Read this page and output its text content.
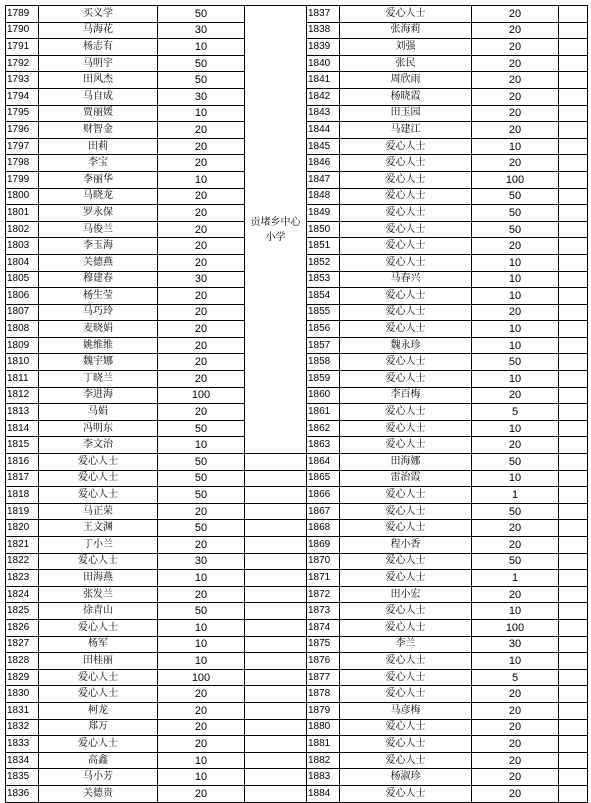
1789	买义学	50	贡堵乡中心小学	1837	爱心人士	20	
1790	马海花	30		1838	张海莉	20	
1791	杨志有	10		1839	刘强	20	
1792	马明宇	50		1840	张民	20	
1793	田风杰	50		1841	周欣雨	20	
1794	马自成	30		1842	杨晓霞	20	
1795	贾丽媛	10		1843	田玉园	20	
1796	财智金	20		1844	马建江	20	
1797	田莉	20		1845	爱心人士	10	
1798	李宝	20		1846	爱心人士	20	
1799	李丽华	10		1847	爱心人士	100	
1800	马晓龙	20		1848	爱心人士	50	
1801	罗永保	20		1849	爱心人士	50	
1802	马俊兰	20		1850	爱心人士	50	
1803	李玉海	20		1851	爱心人士	20	
1804	关德燕	20		1852	爱心人士	10	
1805	穆建春	30		1853	马春兴	10	
1806	杨生莹	20		1854	爱心人士	10	
1807	马巧玲	20		1855	爱心人士	20	
1808	麦晓娟	20		1856	爱心人士	10	
1809	姚维维	20		1857	魏永珍	10	
1810	魏宇娜	20		1858	爱心人士	50	
1811	丁晓兰	20		1859	爱心人士	10	
1812	李进海	100		1860	李百梅	20	
1813	马娟	20		1861	爱心人士	5	
1814	冯明东	50		1862	爱心人士	10	
1815	李文治	10		1863	爱心人士	20	
1816	爱心人士	50		1864	田海娜	50	
1817	爱心人士	50		1865	雷治霞	10	
1818	爱心人士	50		1866	爱心人士	1	
1819	马正荣	20		1867	爱心人士	50	
1820	王文渊	50		1868	爱心人士	20	
1821	丁小兰	20		1869	程小香	20	
1822	爱心人士	30		1870	爱心人士	50	
1823	田海燕	10		1871	爱心人士	1	
1824	张发兰	20		1872	田小宏	20	
1825	徐青山	50		1873	爱心人士	10	
1826	爱心人士	10		1874	爱心人士	100	
1827	杨军	10		1875	李兰	30	
1828	田桂丽	10		1876	爱心人士	10	
1829	爱心人士	100		1877	爱心人士	5	
1830	爱心人士	20		1878	爱心人士	20	
1831	柯龙	20		1879	马彦梅	20	
1832	郑万	20		1880	爱心人士	20	
1833	爱心人士	20		1881	爱心人士	20	
1834	高鑫	10		1882	爱心人士	20	
1835	马小芳	10		1883	杨淑珍	20	
1836	关德贵	20		1884	爱心人士	20	
